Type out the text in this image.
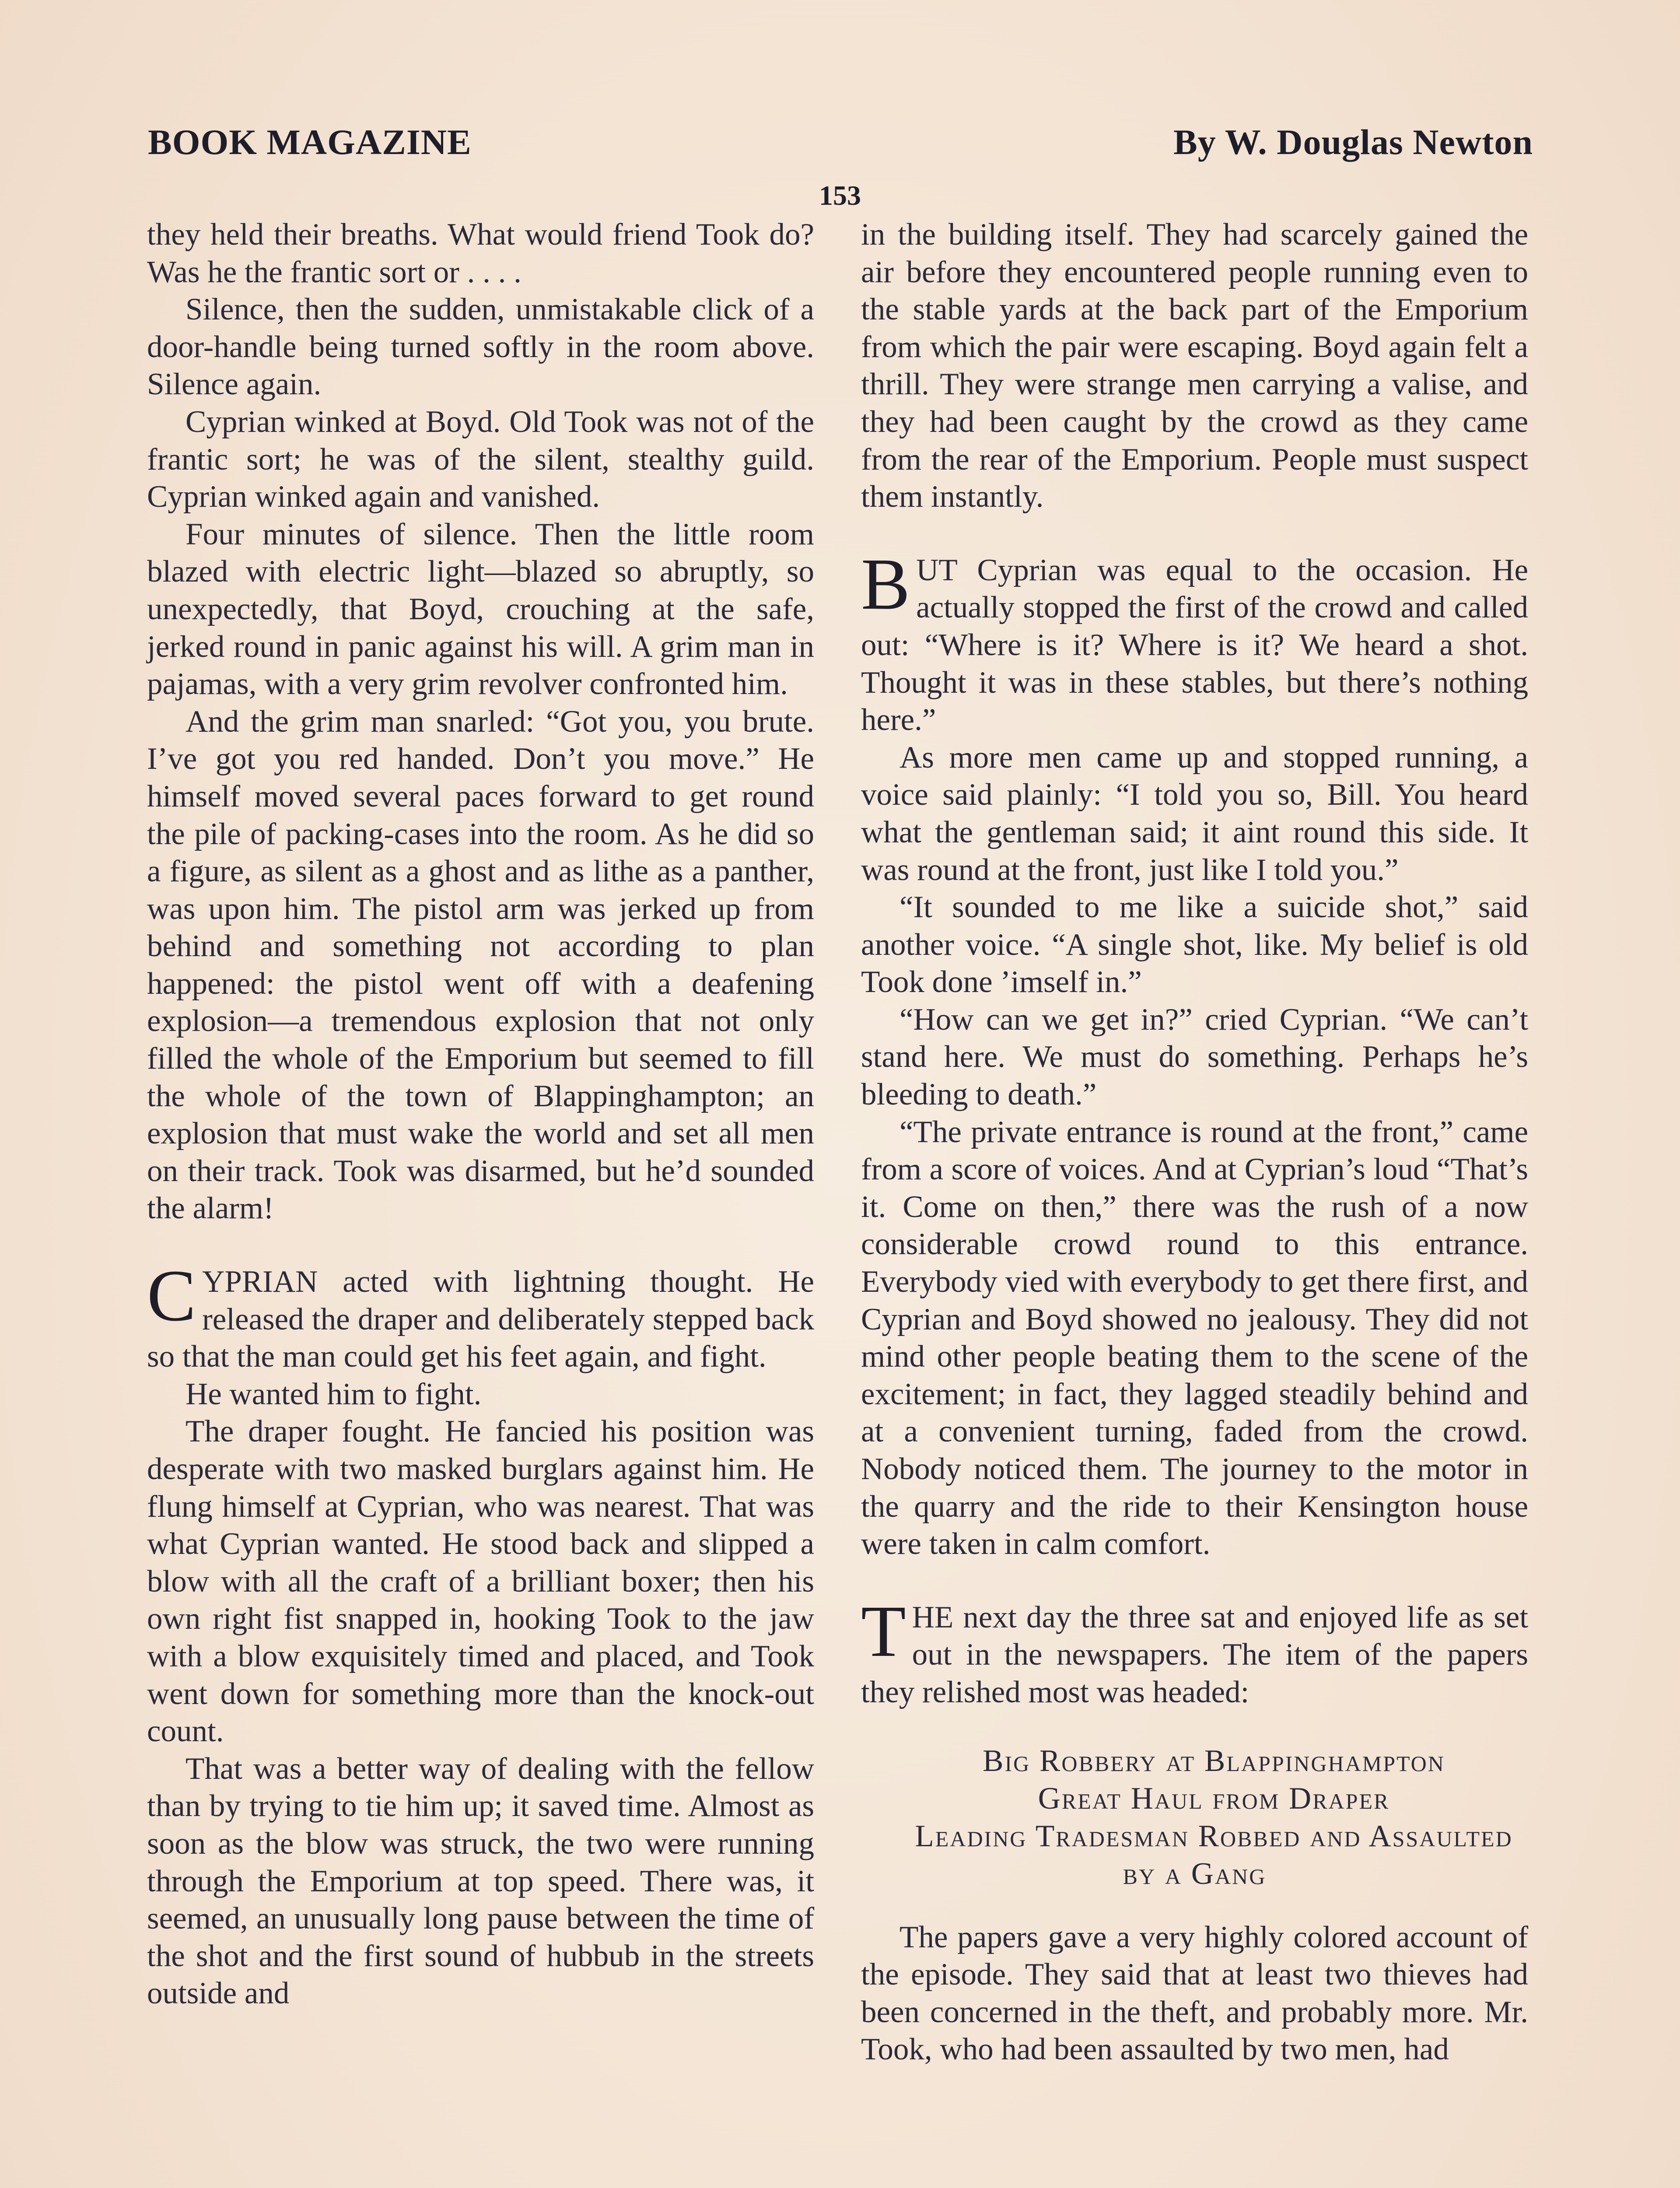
BOOK MAGAZINE	By W. Douglas Newton
153

they held their breaths. What would friend Took do? Was he the frantic sort or . . . .

Silence, then the sudden, unmistakable click of a door-handle being turned softly in the room above. Silence again.

Cyprian winked at Boyd. Old Took was not of the frantic sort; he was of the silent, stealthy guild. Cyprian winked again and vanished.

Four minutes of silence. Then the little room blazed with electric light—blazed so abruptly, so unexpectedly, that Boyd, crouching at the safe, jerked round in panic against his will. A grim man in pajamas, with a very grim revolver confronted him.

And the grim man snarled: “Got you, you brute. I’ve got you red handed. Don’t you move.” He himself moved several paces forward to get round the pile of packing-cases into the room. As he did so a figure, as silent as a ghost and as lithe as a panther, was upon him. The pistol arm was jerked up from behind and something not according to plan happened: the pistol went off with a deafening explosion—a tremendous explosion that not only filled the whole of the Emporium but seemed to fill the whole of the town of Blappinghampton; an explosion that must wake the world and set all men on their track. Took was disarmed, but he’d sounded the alarm!

CYPRIAN acted with lightning thought. He released the draper and deliberately stepped back so that the man could get his feet again, and fight.

He wanted him to fight.

The draper fought. He fancied his position was desperate with two masked burglars against him. He flung himself at Cyprian, who was nearest. That was what Cyprian wanted. He stood back and slipped a blow with all the craft of a brilliant boxer; then his own right fist snapped in, hooking Took to the jaw with a blow exquisitely timed and placed, and Took went down for something more than the knock-out count.

That was a better way of dealing with the fellow than by trying to tie him up; it saved time. Almost as soon as the blow was struck, the two were running through the Emporium at top speed. There was, it seemed, an unusually long pause between the time of the shot and the first sound of hubbub in the streets outside and

in the building itself. They had scarcely gained the air before they encountered people running even to the stable yards at the back part of the Emporium from which the pair were escaping. Boyd again felt a thrill. They were strange men carrying a valise, and they had been caught by the crowd as they came from the rear of the Emporium. People must suspect them instantly.

BUT Cyprian was equal to the occasion. He actually stopped the first of the crowd and called out: “Where is it? Where is it? We heard a shot. Thought it was in these stables, but there’s nothing here.”

As more men came up and stopped running, a voice said plainly: “I told you so, Bill. You heard what the gentleman said; it aint round this side. It was round at the front, just like I told you.”

“It sounded to me like a suicide shot,” said another voice. “A single shot, like. My belief is old Took done ’imself in.”

“How can we get in?” cried Cyprian. “We can’t stand here. We must do something. Perhaps he’s bleeding to death.”

“The private entrance is round at the front,” came from a score of voices. And at Cyprian’s loud “That’s it. Come on then,” there was the rush of a now considerable crowd round to this entrance. Everybody vied with everybody to get there first, and Cyprian and Boyd showed no jealousy. They did not mind other people beating them to the scene of the excitement; in fact, they lagged steadily behind and at a convenient turning, faded from the crowd. Nobody noticed them. The journey to the motor in the quarry and the ride to their Kensington house were taken in calm comfort.

THE next day the three sat and enjoyed life as set out in the newspapers. The item of the papers they relished most was headed:

Big Robbery at Blappinghampton

Great Haul from Draper

Leading Tradesman Robbed and Assaulted by a Gang

The papers gave a very highly colored account of the episode. They said that at least two thieves had been concerned in the theft, and probably more. Mr. Took, who had been assaulted by two men, had
